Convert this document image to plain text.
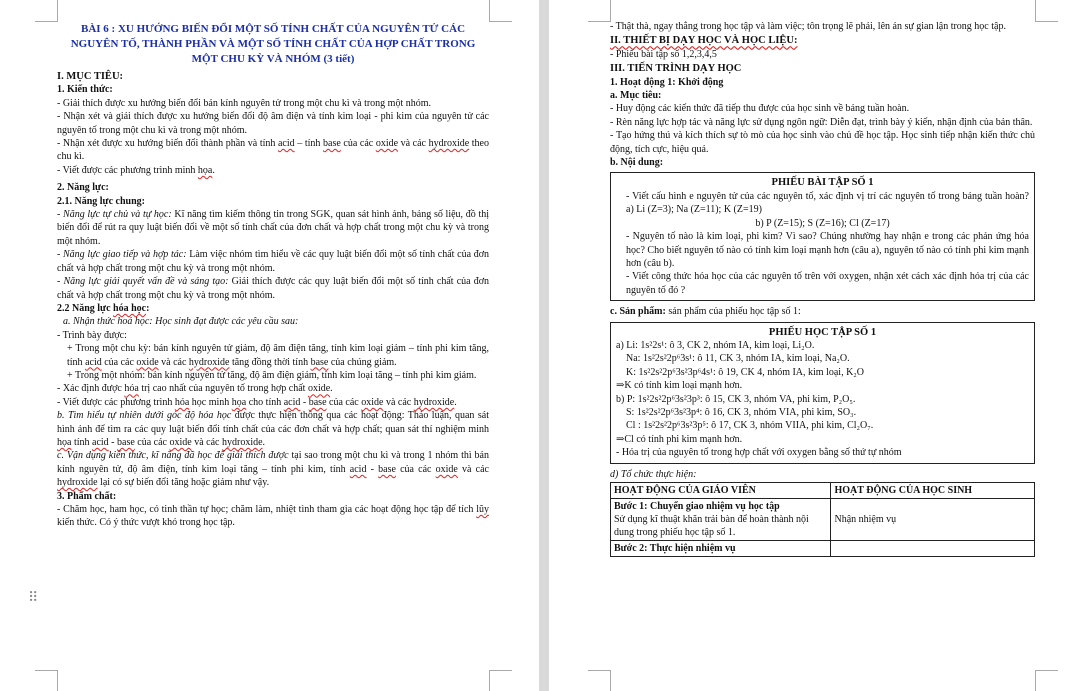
⠿

BÀI 6 : XU HƯỚNG BIẾN ĐỔI MỘT SỐ TÍNH CHẤT CỦA NGUYÊN TỬ CÁC NGUYÊN TỐ, THÀNH PHẦN VÀ MỘT SỐ TÍNH CHẤT CỦA HỢP CHẤT TRONG MỘT CHU KỲ VÀ NHÓM (3 tiết)

I. MỤC TIÊU:

1. Kiến thức:

- Giải thích được xu hướng biến đổi bán kính nguyên tử trong một chu kì và trong một nhóm.

- Nhận xét và giải thích được xu hướng biến đổi độ âm điện và tính kim loại - phi kim của nguyên tử các nguyên tố trong một chu kì và trong một nhóm.

- Nhận xét được xu hướng biến đổi thành phần và tính acid – tính base của các oxide và các hydroxide theo chu kì.

- Viết được các phương trình minh họa.

2. Năng lực:

2.1. Năng lực chung:

- Năng lực tự chủ và tự học: Kĩ năng tìm kiếm thông tin trong SGK, quan sát hình ảnh, bảng số liệu, đồ thị biến đổi để rút ra quy luật biến đổi về một số tính chất của đơn chất và hợp chất trong một chu kỳ và trong một nhóm.

- Năng lực giao tiếp và hợp tác: Làm việc nhóm tìm hiểu về các quy luật biến đổi một số tính chất của đơn chất và hợp chất trong một chu kỳ và trong một nhóm.

- Năng lực giải quyết vấn đề và sáng tạo: Giải thích được các quy luật biến đổi một số tính chất của đơn chất và hợp chất trong một chu kỳ và trong một nhóm.

2.2 Năng lực hóa học:

a. Nhận thức hoá học: Học sinh đạt được các yêu cầu sau:

- Trình bày được:

+ Trong một chu kỳ: bán kính nguyên tử giảm, độ âm điện tăng, tính kim loại giảm – tính phi kim tăng, tính acid của các oxide và các hydroxide tăng đồng thời tính base của chúng giảm.

+ Trong một nhóm: bán kính nguyên tử tăng, độ âm điện giảm, tính kim loại tăng – tính phi kim giảm.

- Xác định được hóa trị cao nhất của nguyên tố trong hợp chất oxide.

- Viết được các phương trình hóa học minh họa cho tính acid - base của các oxide và các hydroxide.

b. Tìm hiểu tự nhiên dưới góc độ hóa học được thực hiện thông qua các hoạt động: Thảo luận, quan sát hình ảnh để tìm ra các quy luật biến đổi tính chất của các đơn chất và hợp chất; quan sát thí nghiệm minh họa tính acid - base của các oxide và các hydroxide.

c. Vận dụng kiến thức, kĩ năng đã học để giải thích được tại sao trong một chu kì và trong 1 nhóm thì bán kính nguyên tử, độ âm điện, tính kim loại tăng – tính phi kim, tính acid - base của các oxide và các hydroxide lại có sự biến đổi tăng hoặc giảm như vậy.

3. Phẩm chất:

- Chăm học, ham học, có tinh thần tự học; chăm làm, nhiệt tình tham gia các hoạt động học tập để tích lũy kiến thức. Có ý thức vượt khó trong học tập.

- Thật thà, ngay thẳng trong học tập và làm việc; tôn trọng lẽ phải, lên án sự gian lận trong học tập.

II. THIẾT BỊ DẠY HỌC VÀ HỌC LIỆU:

- Phiếu bài tập số 1,2,3,4,5

III. TIẾN TRÌNH DẠY HỌC

1. Hoạt động 1: Khởi động

a. Mục tiêu:

- Huy động các kiến thức đã tiếp thu được của học sinh về bảng tuần hoàn.

- Rèn năng lực hợp tác và năng lực sử dụng ngôn ngữ: Diễn đạt, trình bày ý kiến, nhận định của bản thân.

- Tạo hứng thú và kích thích sự tò mò của học sinh vào chủ đề học tập. Học sinh tiếp nhận kiến thức chủ động, tích cực, hiệu quả.

b. Nội dung:

PHIẾU BÀI TẬP SỐ 1

- Viết cấu hình e nguyên tử của các nguyên tố, xác định vị trí các nguyên tố trong bảng tuần hoàn? a) Li (Z=3); Na (Z=11); K (Z=19)

b) P (Z=15); S (Z=16); Cl (Z=17)

- Nguyên tố nào là kim loại, phi kim? Vì sao? Chúng nhường hay nhận e trong các phản ứng hóa học? Cho biết nguyên tố nào có tính kim loại mạnh hơn (câu a), nguyên tố nào có tính phi kim mạnh hơn (câu b).

- Viết công thức hóa học của các nguyên tố trên với oxygen, nhận xét cách xác định hóa trị của các nguyên tố đó ?

c. Sản phẩm: sản phẩm của phiếu học tập số 1:

PHIẾU HỌC TẬP SỐ 1

a) Li: 1s²2s¹: ô 3, CK 2, nhóm IA, kim loại, Li₂O.

Na: 1s²2s²2p⁶3s¹: ô 11, CK 3, nhóm IA, kim loại, Na₂O.

K: 1s²2s²2p⁶3s²3p⁶4s¹: ô 19, CK 4, nhóm IA, kim loại, K₂O

⇒K có tính kim loại mạnh hơn.

b) P: 1s²2s²2p⁶3s²3p³: ô 15, CK 3, nhóm VA, phi kim, P₂O₅.

S: 1s²2s²2p⁶3s²3p⁴: ô 16, CK 3, nhóm VIA, phi kim, SO₃.

Cl : 1s²2s²2p⁶3s²3p⁵: ô 17, CK 3, nhóm VIIA, phi kim, Cl₂O₇.

⇒Cl có tính phi kim mạnh hơn.

- Hóa trị của nguyên tố trong hợp chất với oxygen bằng số thứ tự nhóm

d) Tổ chức thực hiện:

HOẠT ĐỘNG CỦA GIÁO VIÊN	HOẠT ĐỘNG CỦA HỌC SINH

Bước 1: Chuyển giao nhiệm vụ học tập
Sử dụng kĩ thuật khăn trải bàn để hoàn thành nội dung trong phiếu học tập số 1.	Nhận nhiệm vụ
Bước 2: Thực hiện nhiệm vụ	
